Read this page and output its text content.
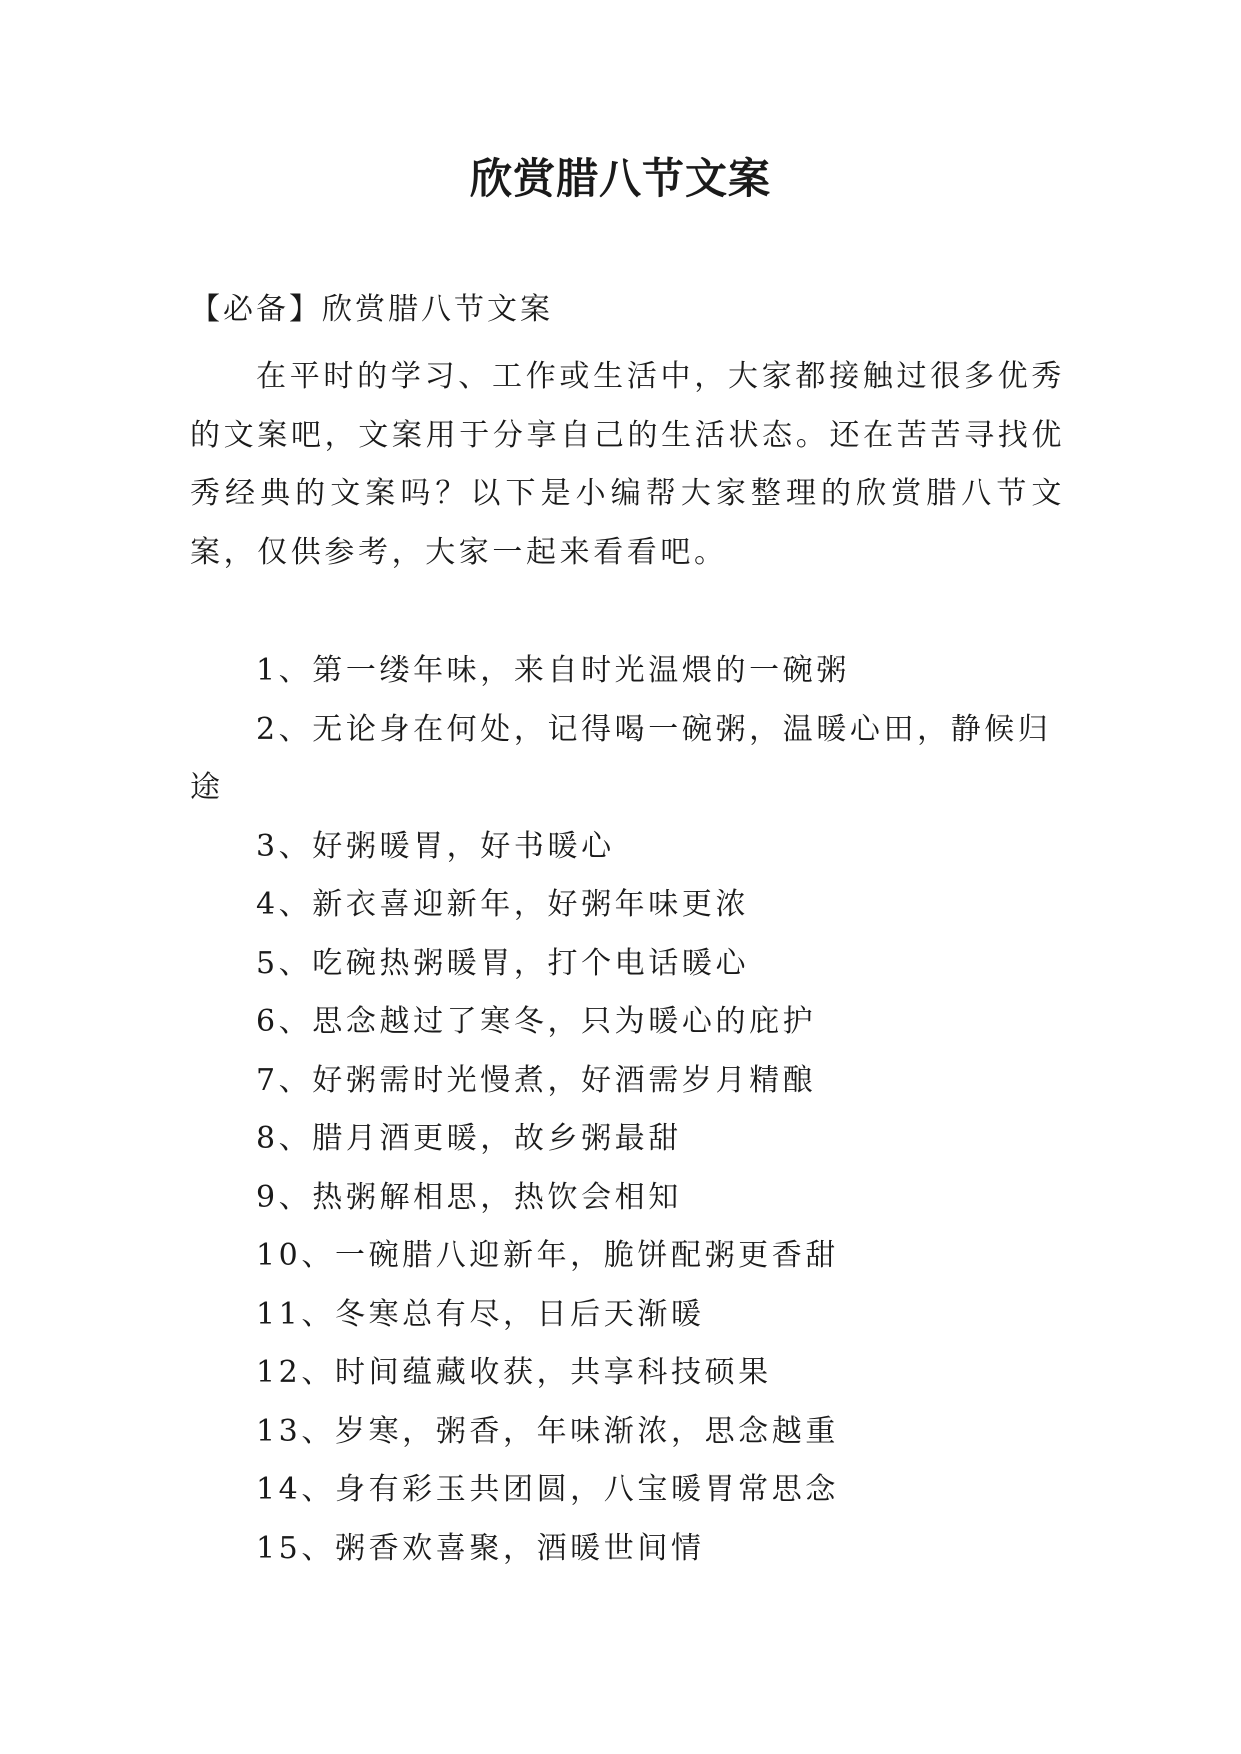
欣赏腊八节文案

【必备】欣赏腊八节文案

在平时的学习、工作或生活中，大家都接触过很多优秀的文案吧，文案用于分享自己的生活状态。还在苦苦寻找优秀经典的文案吗？以下是小编帮大家整理的欣赏腊八节文案，仅供参考，大家一起来看看吧。

1、第一缕年味，来自时光温煨的一碗粥
2、无论身在何处，记得喝一碗粥，温暖心田，静候归途
3、好粥暖胃，好书暖心
4、新衣喜迎新年，好粥年味更浓
5、吃碗热粥暖胃，打个电话暖心
6、思念越过了寒冬，只为暖心的庇护
7、好粥需时光慢煮，好酒需岁月精酿
8、腊月酒更暖，故乡粥最甜
9、热粥解相思，热饮会相知
10、一碗腊八迎新年，脆饼配粥更香甜
11、冬寒总有尽，日后天渐暖
12、时间蕴藏收获，共享科技硕果
13、岁寒，粥香，年味渐浓，思念越重
14、身有彩玉共团圆，八宝暖胃常思念
15、粥香欢喜聚，酒暖世间情
